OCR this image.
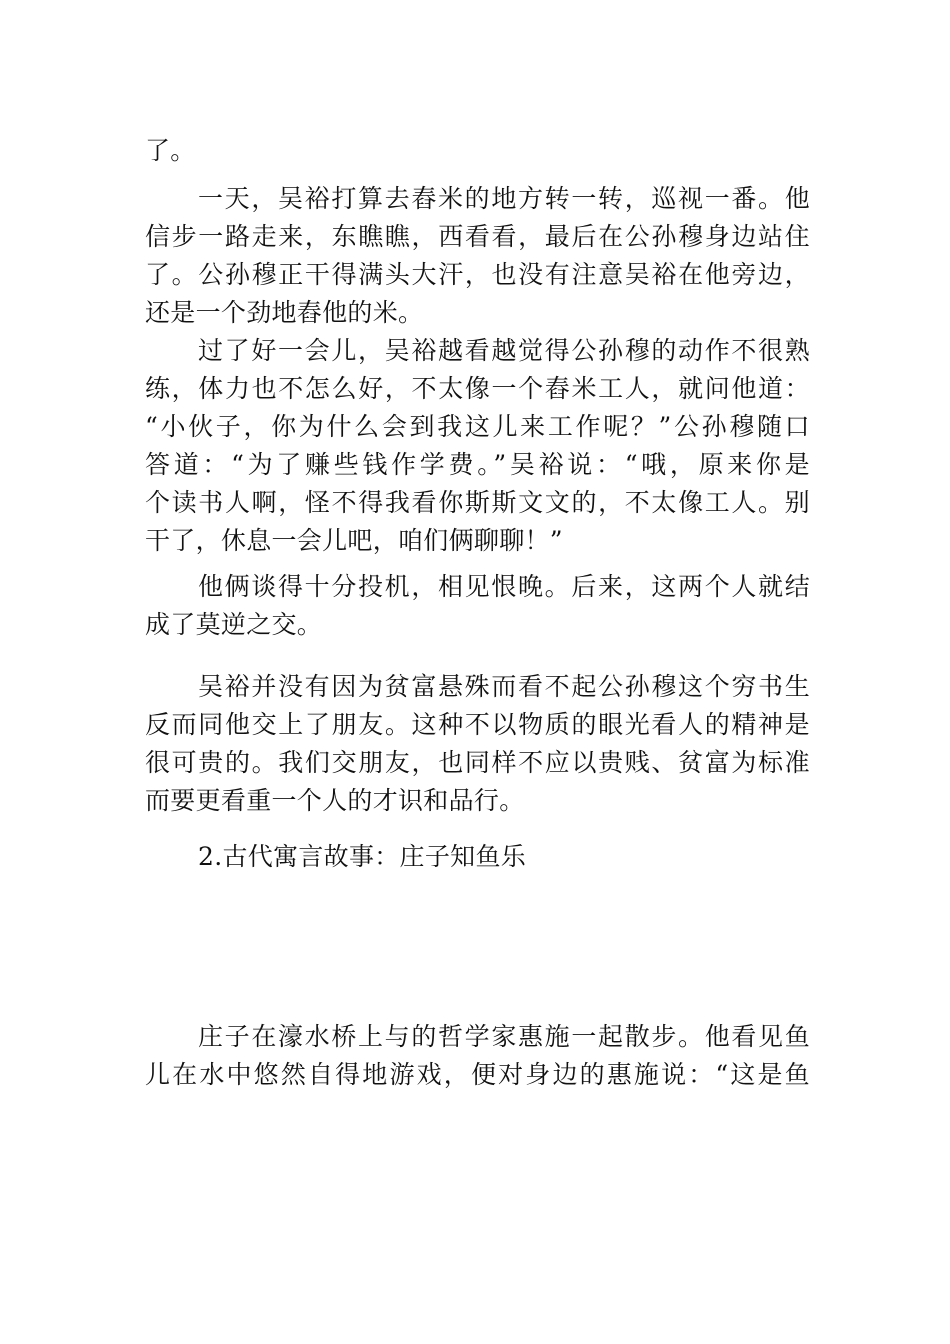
了。
一天，吴裕打算去舂米的地方转一转，巡视一番。他
信步一路走来，东瞧瞧，西看看，最后在公孙穆身边站住
了。公孙穆正干得满头大汗，也没有注意吴裕在他旁边，
还是一个劲地舂他的米。
过了好一会儿，吴裕越看越觉得公孙穆的动作不很熟
练，体力也不怎么好，不太像一个舂米工人，就问他道：
“小伙子，你为什么会到我这儿来工作呢？”公孙穆随口
答道：“为了赚些钱作学费。”吴裕说：“哦，原来你是
个读书人啊，怪不得我看你斯斯文文的，不太像工人。别
干了，休息一会儿吧，咱们俩聊聊！”
他俩谈得十分投机，相见恨晚。后来，这两个人就结
成了莫逆之交。
吴裕并没有因为贫富悬殊而看不起公孙穆这个穷书生
反而同他交上了朋友。这种不以物质的眼光看人的精神是
很可贵的。我们交朋友，也同样不应以贵贱、贫富为标准
而要更看重一个人的才识和品行。
2.古代寓言故事：庄子知鱼乐
庄子在濠水桥上与的哲学家惠施一起散步。他看见鱼
儿在水中悠然自得地游戏，便对身边的惠施说：“这是鱼
